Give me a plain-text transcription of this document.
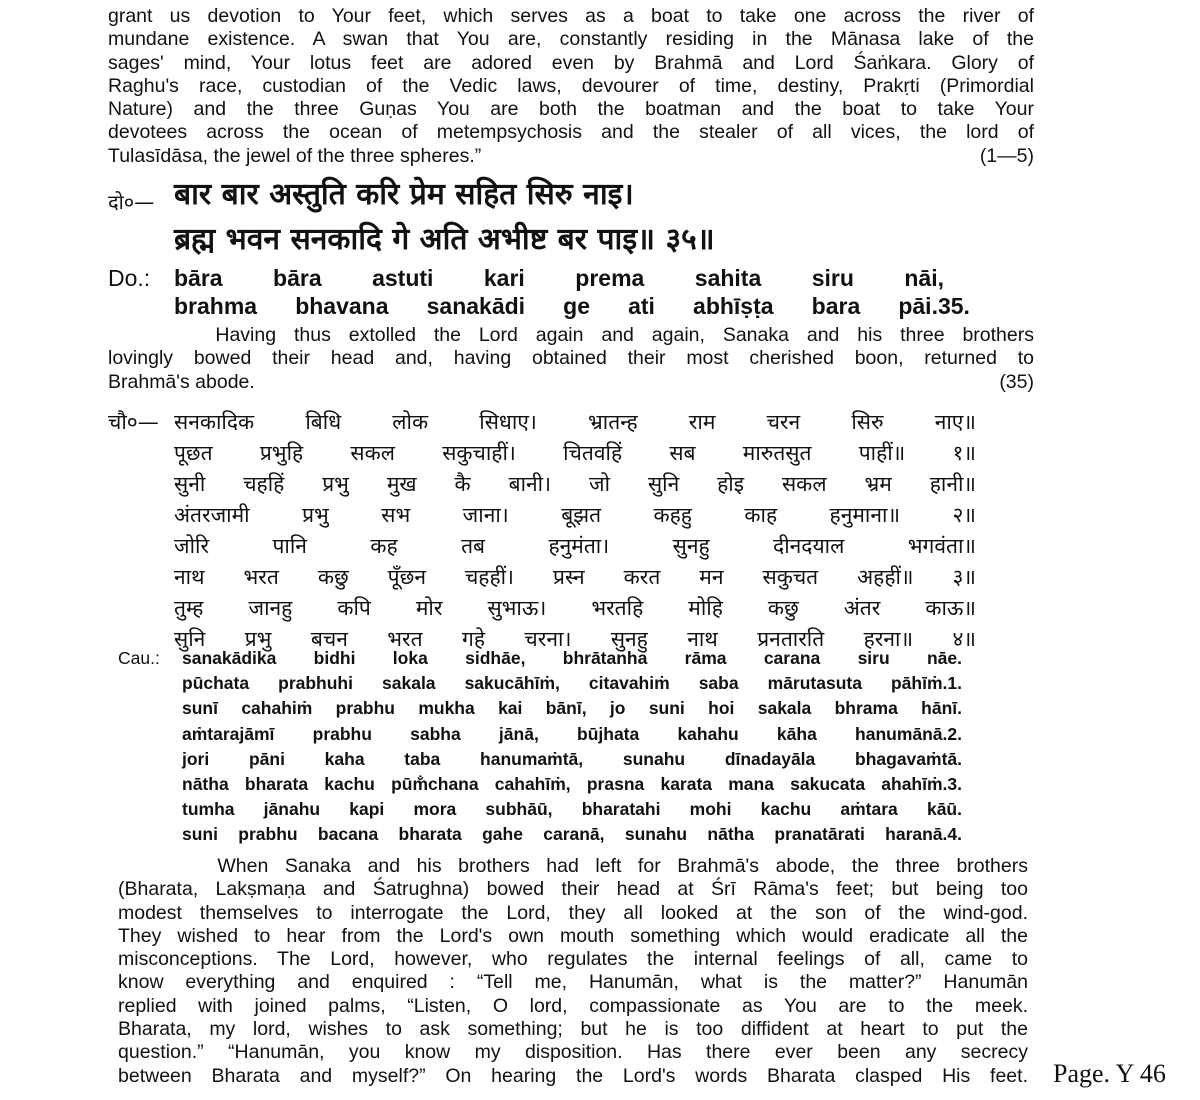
grant us devotion to Your feet, which serves as a boat to take one across the river of
mundane existence. A swan that You are, constantly residing in the Mānasa lake of the
sages' mind, Your lotus feet are adored even by Brahmā and Lord Śaṅkara. Glory of
Raghu's race, custodian of the Vedic laws, devourer of time, destiny, Prakṛti (Primordial
Nature) and the three Guṇas You are both the boatman and the boat to take Your
devotees across the ocean of metempsychosis and the stealer of all vices, the lord of
Tulasīdāsa, the jewel of the three spheres.”	(1—5)
दो०— बार बार अस्तुति करि प्रेम सहित सिरु नाइ।
ब्रह्म भवन सनकादि गे अति अभीष्ट बर पाइ॥ ३५॥
Do.:	bāra bāra astuti kari prema sahita siru nāi,
brahma bhavana sanakādi ge ati abhīṣṭa bara pāi.35.
Having thus extolled the Lord again and again, Sanaka and his three brothers
lovingly bowed their head and, having obtained their most cherished boon, returned to
Brahmā's abode.	(35)
चौ०— सनकादिक बिधि लोक सिधाए। भ्रातन्ह राम चरन सिरु नाए॥
पूछत प्रभुहि सकल सकुचाहीं। चितवहिं सब मारुतसुत पाहीं॥ १॥
सुनी चहहिं प्रभु मुख कै बानी। जो सुनि होइ सकल भ्रम हानी॥
अंतरजामी प्रभु सभ जाना। बूझत कहहु काह हनुमाना॥ २॥
जोरि पानि कह तब हनुमंता। सुनहु दीनदयाल भगवंता॥
नाथ भरत कछु पूँछन चहहीं। प्रस्न करत मन सकुचत अहहीं॥ ३॥
तुम्ह जानहु कपि मोर सुभाऊ। भरतहि मोहि कछु अंतर काऊ॥
सुनि प्रभु बचन भरत गहे चरना। सुनहु नाथ प्रनतारति हरना॥ ४॥
Cau.:	sanakādika bidhi loka sidhāe, bhrātanha rāma carana siru nāe.
pūchata prabhuhi sakala sakucāhīṁ, citavahiṁ saba mārutasuta pāhīṁ.1.
sunī cahahiṁ prabhu mukha kai bānī, jo suni hoi sakala bhrama hānī.
aṁtarajāmī prabhu sabha jānā, būjhata kahahu kāha hanumānā.2.
jori pāni kaha taba hanumaṁtā, sunahu dīnadayāla bhagavaṁtā.
nātha bharata kachu pūm̐chana cahahīṁ, prasna karata mana sakucata ahahīṁ.3.
tumha jānahu kapi mora subhāū, bharatahi mohi kachu aṁtara kāū.
suni prabhu bacana bharata gahe caranā, sunahu nātha pranatārati haranā.4.
When Sanaka and his brothers had left for Brahmā's abode, the three brothers
(Bharata, Lakṣmaṇa and Śatrughna) bowed their head at Śrī Rāma's feet; but being too
modest themselves to interrogate the Lord, they all looked at the son of the wind-god.
They wished to hear from the Lord's own mouth something which would eradicate all the
misconceptions. The Lord, however, who regulates the internal feelings of all, came to
know everything and enquired : “Tell me, Hanumān, what is the matter?” Hanumān
replied with joined palms, “Listen, O lord, compassionate as You are to the meek.
Bharata, my lord, wishes to ask something; but he is too diffident at heart to put the
question.” “Hanumān, you know my disposition. Has there ever been any secrecy
between Bharata and myself?” On hearing the Lord's words Bharata clasped His feet. Page. Y 46
